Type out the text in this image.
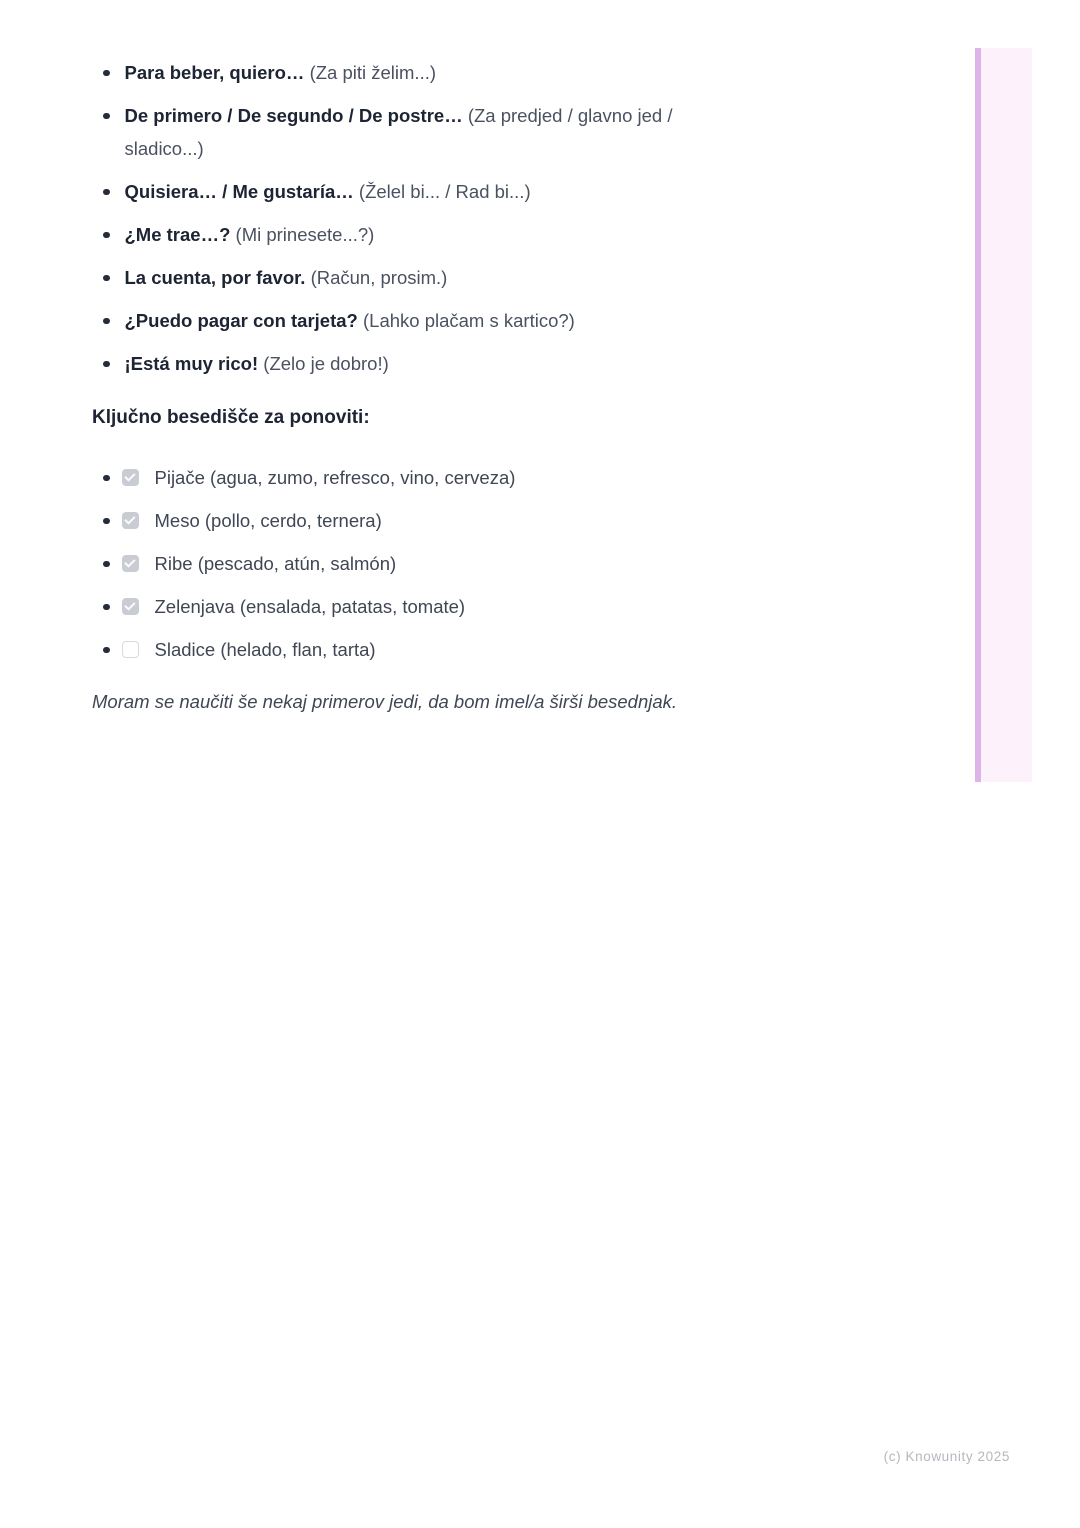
Para beber, quiero… (Za piti želim...)
De primero / De segundo / De postre… (Za predjed / glavno jed / sladico...)
Quisiera… / Me gustaría… (Želel bi... / Rad bi...)
¿Me trae…? (Mi prinesete...?)
La cuenta, por favor. (Račun, prosim.)
¿Puedo pagar con tarjeta? (Lahko plačam s kartico?)
¡Está muy rico! (Zelo je dobro!)
Ključno besedišče za ponoviti:
Pijače (agua, zumo, refresco, vino, cerveza)
Meso (pollo, cerdo, ternera)
Ribe (pescado, atún, salmón)
Zelenjava (ensalada, patatas, tomate)
Sladice (helado, flan, tarta)

Moram se naučiti še nekaj primerov jedi, da bom imel/a širši besednjak.

(c) Knowunity 2025
